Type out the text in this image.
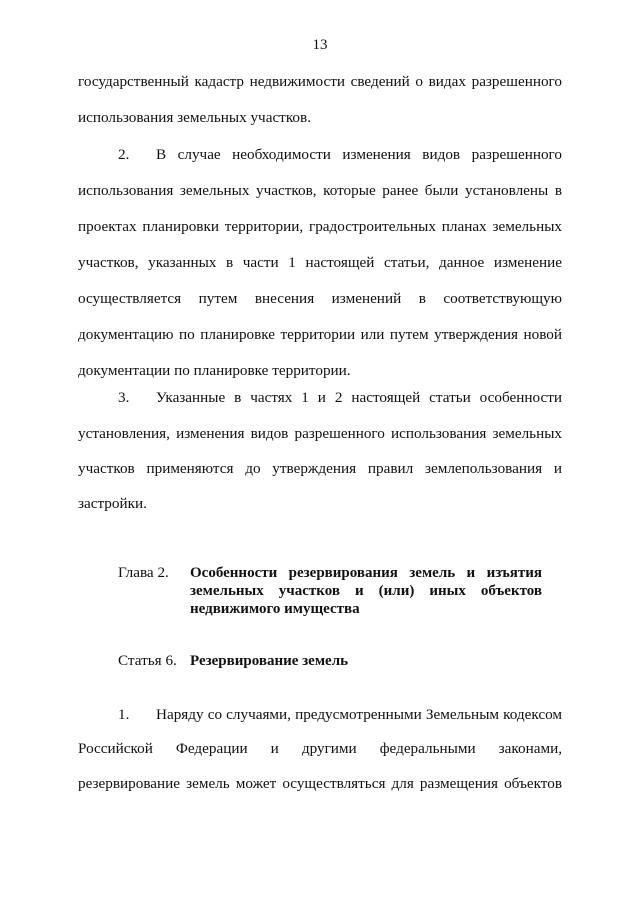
13
государственный кадастр недвижимости сведений о видах разрешенного
использования земельных участков.
2. В случае необходимости изменения видов разрешенного
использования земельных участков, которые ранее были установлены в
проектах планировки территории, градостроительных планах земельных
участков, указанных в части 1 настоящей статьи, данное изменение
осуществляется путем внесения изменений в соответствующую
документацию по планировке территории или путем утверждения новой
документации по планировке территории.
3. Указанные в частях 1 и 2 настоящей статьи особенности
установления, изменения видов разрешенного использования земельных
участков применяются до утверждения правил землепользования и
застройки.
Глава 2. Особенности резервирования земель и изъятия
земельных участков и (или) иных объектов
недвижимого имущества
Статья 6. Резервирование земель
1. Наряду со случаями, предусмотренными Земельным кодексом
Российской Федерации и другими федеральными законами,
резервирование земель может осуществляться для размещения объектов
